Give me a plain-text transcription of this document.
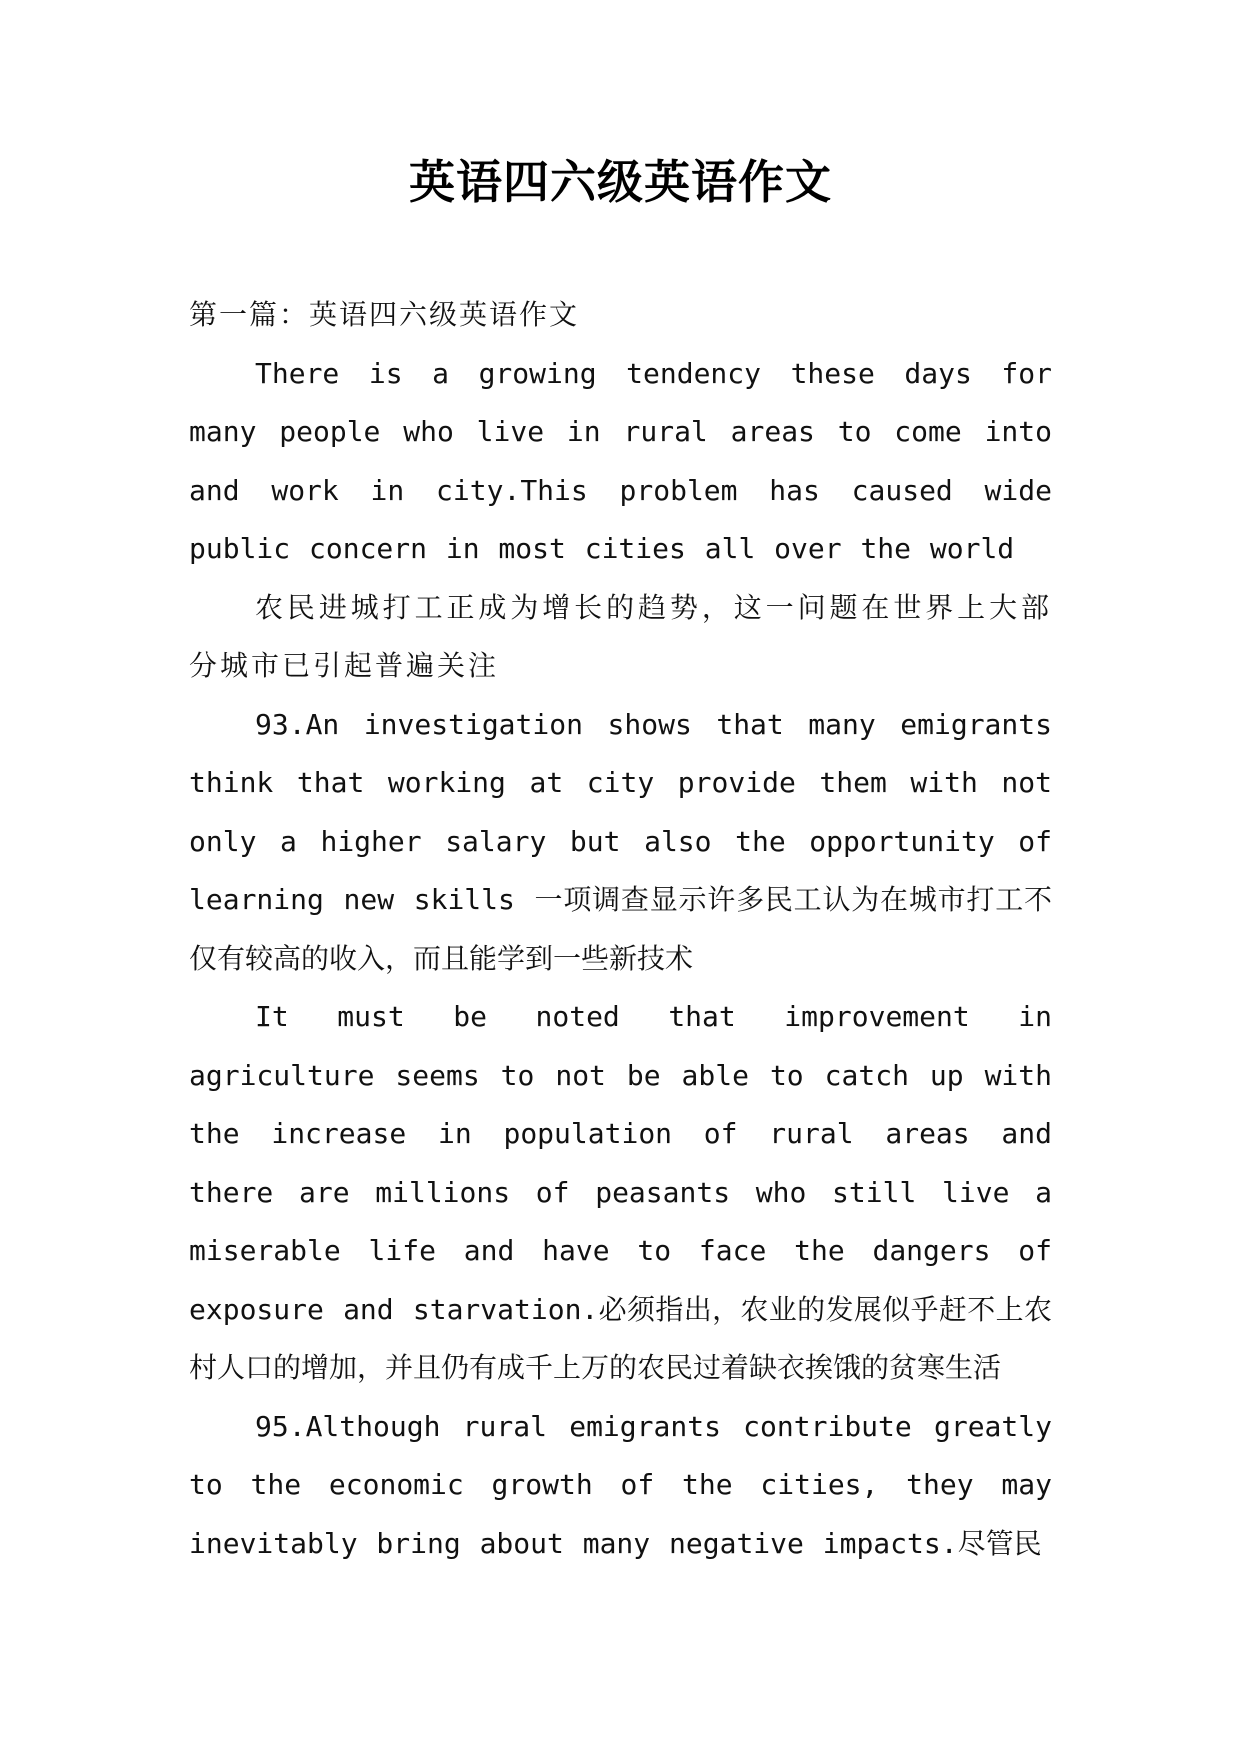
英语四六级英语作文

第一篇：英语四六级英语作文

There is a growing tendency these days for many people who live in rural areas to come into and work in city.This problem has caused wide public concern in most cities all over the world

农民进城打工正成为增长的趋势，这一问题在世界上大部分城市已引起普遍关注

93.An investigation shows that many emigrants think that working at city provide them with not only a higher salary but also the opportunity of learning new skills 一项调查显示许多民工认为在城市打工不仅有较高的收入，而且能学到一些新技术

It must be noted that improvement in agriculture seems to not be able to catch up with the increase in population of rural areas and there are millions of peasants who still live a miserable life and have to face the dangers of exposure and starvation.必须指出，农业的发展似乎赶不上农村人口的增加，并且仍有成千上万的农民过着缺衣挨饿的贫寒生活

95.Although rural emigrants contribute greatly to the economic growth of the cities, they may inevitably bring about many negative impacts.尽管民
